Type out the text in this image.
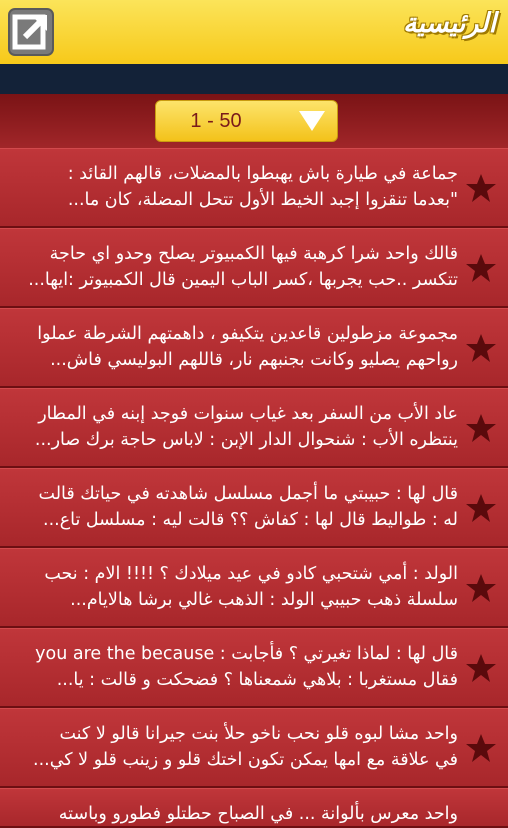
الرئيسية
1 - 50
جماعة في طيارة باش يهبطوا بالمضلات، قالهم القائد :
"بعدما تنقزوا إجبد الخيط الأول تتحل المضلة، كان ما...
قالك واحد شرا كرهبة فيها الكمبيوتر يصلح وحدو اي حاجة
تتكسر ..حب يجربها ،كسر الباب اليمين قال الكمبيوتر :ايها...
مجموعة مزطولين قاعدين يتكيفو ، داهمتهم الشرطة عملوا
رواحهم يصليو وكانت بجنبهم نار، قاللهم البوليسي فاش...
عاد الأب من السفر بعد غياب سنوات فوجد إبنه في المطار
ينتظره الأب : شنحوال الدار الإبن : لاباس حاجة برك صار...
قال لها : حبيبتي ما أجمل مسلسل شاهدته في حياتك قالت
له : طواليط قال لها : كفاش ؟؟ قالت ليه : مسلسل تاع...
الولد : أمي شتحبي كادو في عيد ميلادك ؟ !!!! الام : نحب
سلسلة ذهب حبيبي الولد : الذهب غالي برشا هالايام...
قال لها : لماذا تغيرتي ؟ فأجابت : you are the because
فقال مستغربا : بلاهي شمعناها ؟ فضحكت و قالت : يا...
واحد مشا لبوه قلو نحب ناخو حلأ بنت جيرانا قالو لا كنت
في علاقة مع امها يمكن تكون اختك قلو و زينب قلو لا كي...
واحد معرس بألوانة ... في الصباح حطتلو فطورو وباسته
